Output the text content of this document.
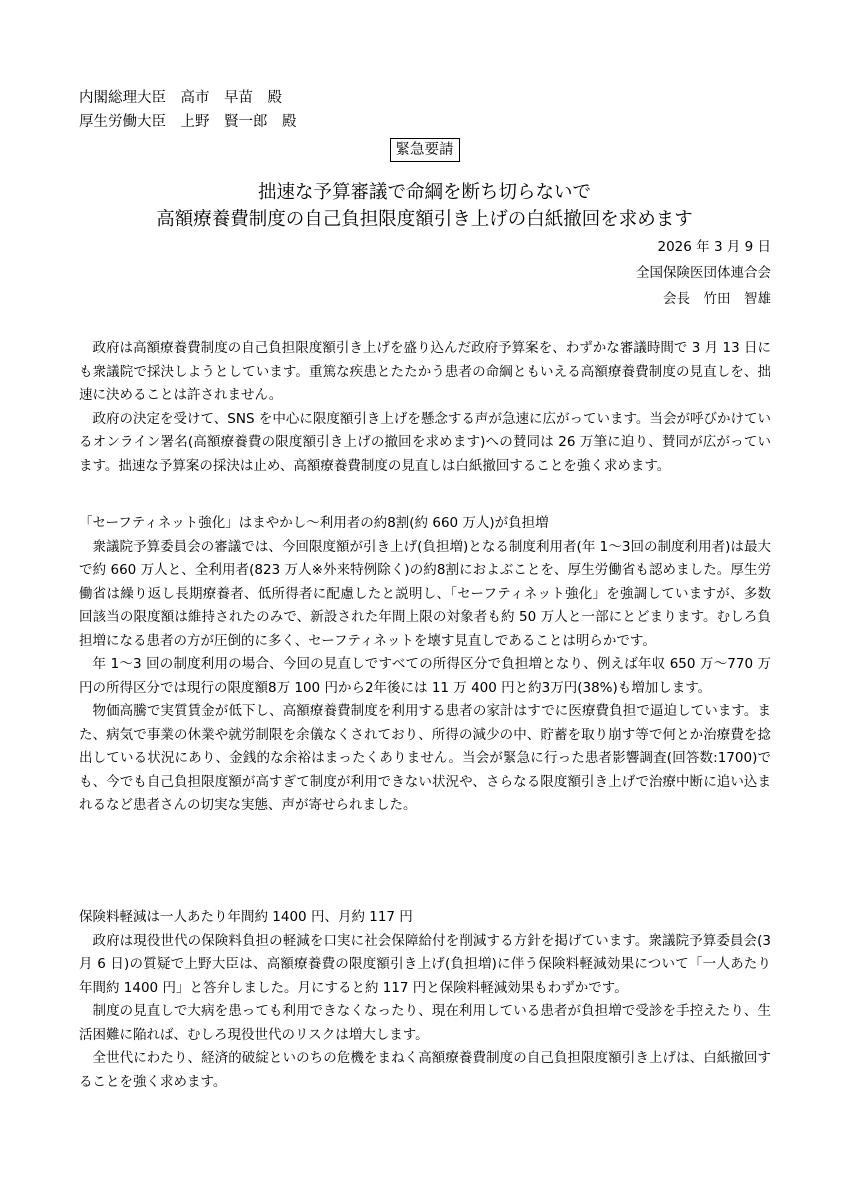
内閣総理大臣　高市　早苗　殿
厚生労働大臣　上野　賢一郎　殿
緊急要請
拙速な予算審議で命綱を断ち切らないで
高額療養費制度の自己負担限度額引き上げの白紙撤回を求めます
2026 年 3 月 9 日
全国保険医団体連合会
会長　竹田　智雄

政府は高額療養費制度の自己負担限度額引き上げを盛り込んだ政府予算案を、わずかな審議時間で 3 月 13 日にも衆議院で採決しようとしています。重篤な疾患とたたかう患者の命綱ともいえる高額療養費制度の見直しを、拙速に決めることは許されません。

政府の決定を受けて、SNS を中心に限度額引き上げを懸念する声が急速に広がっています。当会が呼びかけているオンライン署名(高額療養費の限度額引き上げの撤回を求めます)への賛同は 26 万筆に迫り、賛同が広がっています。拙速な予算案の採決は止め、高額療養費制度の見直しは白紙撤回することを強く求めます。

「セーフティネット強化」はまやかし～利用者の約8割(約 660 万人)が負担増

衆議院予算委員会の審議では、今回限度額が引き上げ(負担増)となる制度利用者(年 1～3回の制度利用者)は最大で約 660 万人と、全利用者(823 万人※外来特例除く)の約8割におよぶことを、厚生労働省も認めました。厚生労働省は繰り返し長期療養者、低所得者に配慮したと説明し、「セーフティネット強化」を強調していますが、多数回該当の限度額は維持されたのみで、新設された年間上限の対象者も約 50 万人と一部にとどまります。むしろ負担増になる患者の方が圧倒的に多く、セーフティネットを壊す見直しであることは明らかです。

年 1～3 回の制度利用の場合、今回の見直しですべての所得区分で負担増となり、例えば年収 650 万～770 万円の所得区分では現行の限度額8万 100 円から2年後には 11 万 400 円と約3万円(38%)も増加します。

物価高騰で実質賃金が低下し、高額療養費制度を利用する患者の家計はすでに医療費負担で逼迫しています。また、病気で事業の休業や就労制限を余儀なくされており、所得の減少の中、貯蓄を取り崩す等で何とか治療費を捻出している状況にあり、金銭的な余裕はまったくありません。当会が緊急に行った患者影響調査(回答数:1700)でも、今でも自己負担限度額が高すぎて制度が利用できない状況や、さらなる限度額引き上げで治療中断に追い込まれるなど患者さんの切実な実態、声が寄せられました。

保険料軽減は一人あたり年間約 1400 円、月約 117 円

政府は現役世代の保険料負担の軽減を口実に社会保障給付を削減する方針を掲げています。衆議院予算委員会(3 月 6 日)の質疑で上野大臣は、高額療養費の限度額引き上げ(負担増)に伴う保険料軽減効果について「一人あたり年間約 1400 円」と答弁しました。月にすると約 117 円と保険料軽減効果もわずかです。

制度の見直しで大病を患っても利用できなくなったり、現在利用している患者が負担増で受診を手控えたり、生活困難に陥れば、むしろ現役世代のリスクは増大します。

全世代にわたり、経済的破綻といのちの危機をまねく高額療養費制度の自己負担限度額引き上げは、白紙撤回することを強く求めます。
